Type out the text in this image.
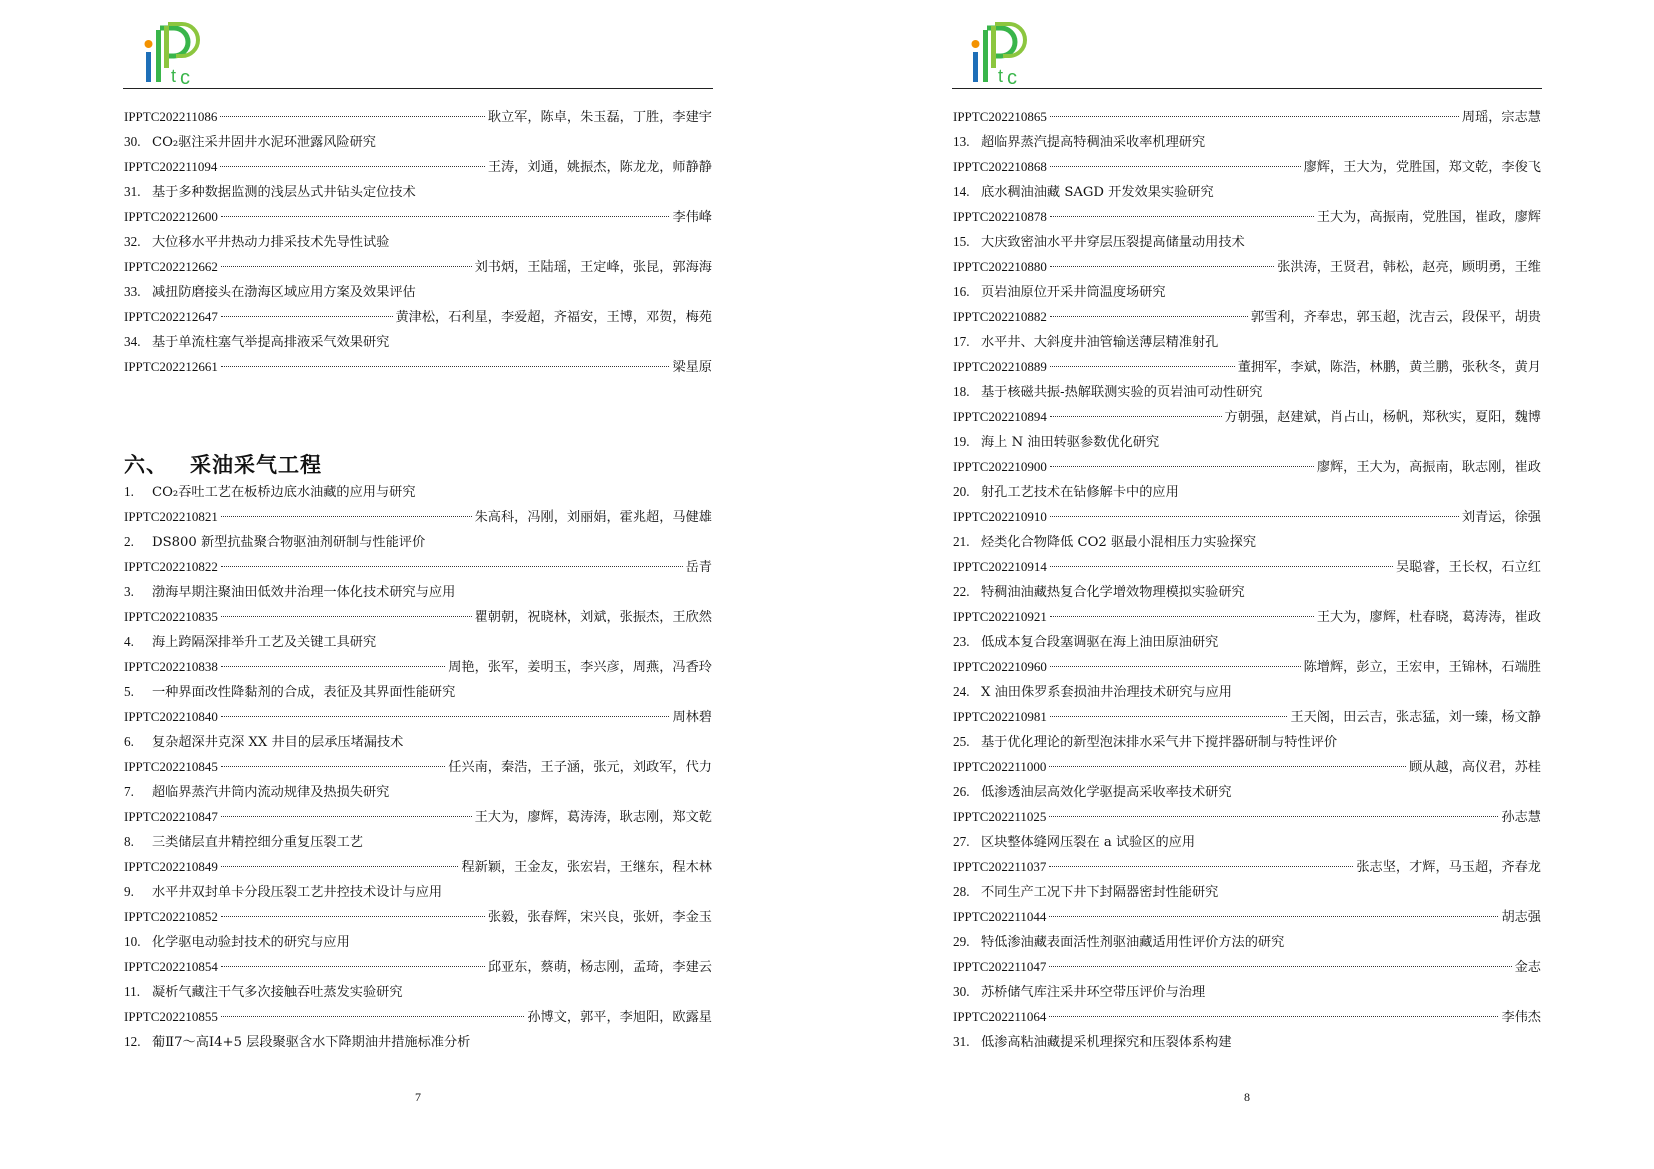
t c
IPPTC202211086	耿立军，陈卓，朱玉磊，丁胜，李建宇
30. CO₂驱注采井固井水泥环泄露风险研究
IPPTC202211094	王涛，刘通，姚振杰，陈龙龙，师静静
31. 基于多种数据监测的浅层丛式井钻头定位技术
IPPTC202212600	李伟峰
32. 大位移水平井热动力排采技术先导性试验
IPPTC202212662	刘书炳，王陆瑶，王定峰，张昆，郭海海
33. 减扭防磨接头在渤海区域应用方案及效果评估
IPPTC202212647	黄津松，石利星，李爱超，齐福安，王博，邓贺，梅苑
34. 基于单流柱塞气举提高排液采气效果研究
IPPTC202212661	梁星原
六、 采油采气工程
1. CO₂吞吐工艺在板桥边底水油藏的应用与研究
IPPTC202210821	朱高科，冯刚，刘丽娟，霍兆超，马健雄
2. DS800 新型抗盐聚合物驱油剂研制与性能评价
IPPTC202210822	岳青
3. 渤海早期注聚油田低效井治理一体化技术研究与应用
IPPTC202210835	瞿朝朝，祝晓林，刘斌，张振杰，王欣然
4. 海上跨隔深排举升工艺及关键工具研究
IPPTC202210838	周艳，张军，姜明玉，李兴彦，周燕，冯香玲
5. 一种界面改性降黏剂的合成，表征及其界面性能研究
IPPTC202210840	周林碧
6. 复杂超深井克深 XX 井目的层承压堵漏技术
IPPTC202210845	任兴南，秦浩，王子涵，张元，刘政军，代力
7. 超临界蒸汽井筒内流动规律及热损失研究
IPPTC202210847	王大为，廖辉，葛涛涛，耿志刚，郑文乾
8. 三类储层直井精控细分重复压裂工艺
IPPTC202210849	程新颖，王金友，张宏岩，王继东，程木林
9. 水平井双封单卡分段压裂工艺井控技术设计与应用
IPPTC202210852	张毅，张春辉，宋兴良，张妍，李金玉
10. 化学驱电动验封技术的研究与应用
IPPTC202210854	邱亚东，蔡萌，杨志刚，孟琦，李建云
11. 凝析气藏注干气多次接触吞吐蒸发实验研究
IPPTC202210855	孙博文，郭平，李旭阳，欧露星
12. 葡Ⅱ7～高Ⅰ4+5 层段聚驱含水下降期油井措施标准分析
7
t c
IPPTC202210865	周瑶，宗志慧
13. 超临界蒸汽提高特稠油采收率机理研究
IPPTC202210868	廖辉，王大为，党胜国，郑文乾，李俊飞
14. 底水稠油油藏 SAGD 开发效果实验研究
IPPTC202210878	王大为，高振南，党胜国，崔政，廖辉
15. 大庆致密油水平井穿层压裂提高储量动用技术
IPPTC202210880	张洪涛，王贤君，韩松，赵亮，顾明勇，王维
16. 页岩油原位开采井筒温度场研究
IPPTC202210882	郭雪利，齐奉忠，郭玉超，沈吉云，段保平，胡贵
17. 水平井、大斜度井油管输送薄层精准射孔
IPPTC202210889	董拥军，李斌，陈浩，林鹏，黄兰鹏，张秋冬，黄月
18. 基于核磁共振-热解联测实验的页岩油可动性研究
IPPTC202210894	方朝强，赵建斌，肖占山，杨帆，郑秋实，夏阳，魏博
19. 海上 N 油田转驱参数优化研究
IPPTC202210900	廖辉，王大为，高振南，耿志刚，崔政
20. 射孔工艺技术在钻修解卡中的应用
IPPTC202210910	刘青运，徐强
21. 烃类化合物降低 CO2 驱最小混相压力实验探究
IPPTC202210914	吴聪睿，王长权，石立红
22. 特稠油油藏热复合化学增效物理模拟实验研究
IPPTC202210921	王大为，廖辉，杜春晓，葛涛涛，崔政
23. 低成本复合段塞调驱在海上油田原油研究
IPPTC202210960	陈增辉，彭立，王宏申，王锦林，石端胜
24. X 油田侏罗系套损油井治理技术研究与应用
IPPTC202210981	王天阁，田云吉，张志猛，刘一臻，杨文静
25. 基于优化理论的新型泡沫排水采气井下搅拌器研制与特性评价
IPPTC202211000	顾从越，高仪君，苏桂
26. 低渗透油层高效化学驱提高采收率技术研究
IPPTC202211025	孙志慧
27. 区块整体缝网压裂在 a 试验区的应用
IPPTC202211037	张志坚，才辉，马玉超，齐春龙
28. 不同生产工况下井下封隔器密封性能研究
IPPTC202211044	胡志强
29. 特低渗油藏表面活性剂驱油藏适用性评价方法的研究
IPPTC202211047	金志
30. 苏桥储气库注采井环空带压评价与治理
IPPTC202211064	李伟杰
31. 低渗高粘油藏提采机理探究和压裂体系构建
8
